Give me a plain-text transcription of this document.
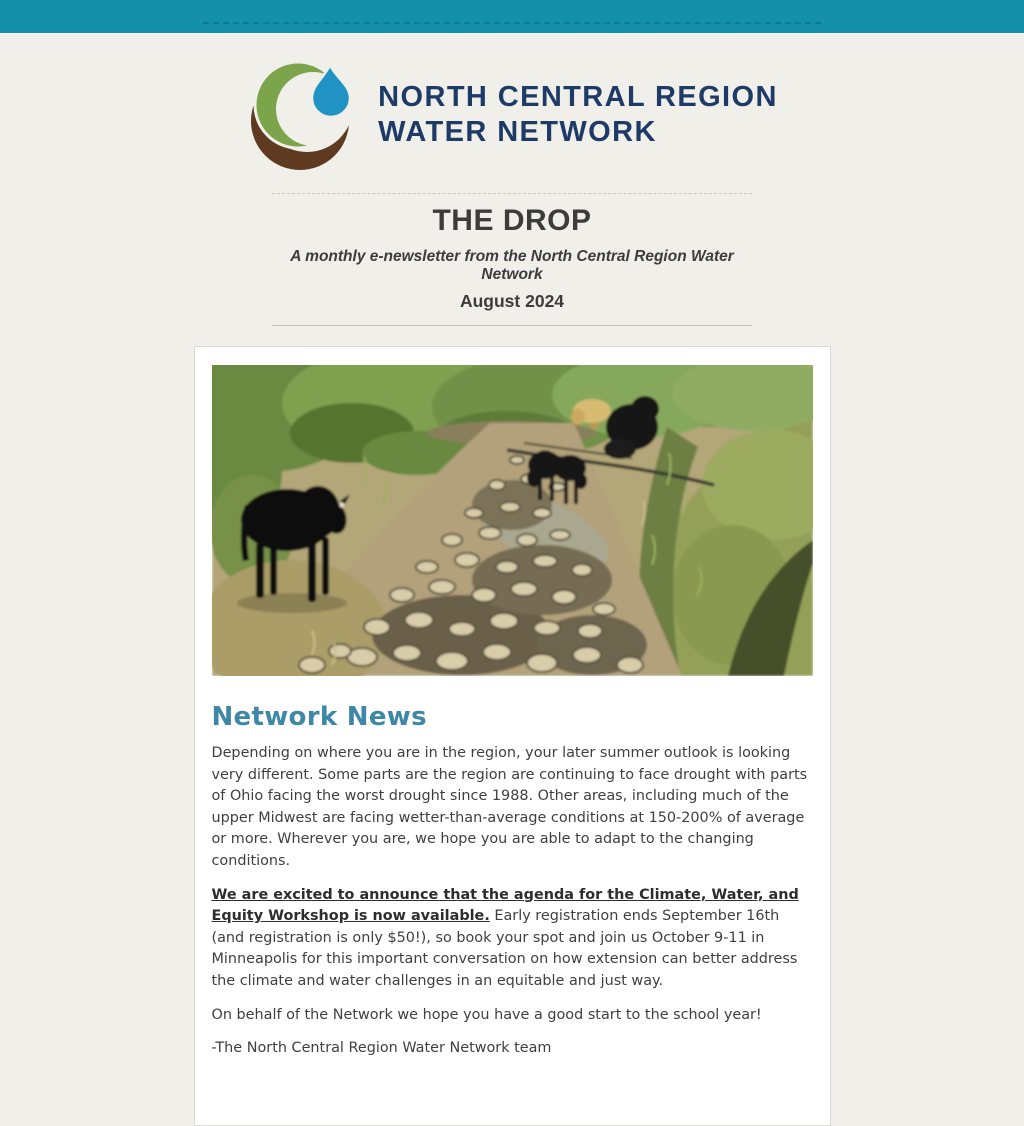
NORTH CENTRAL REGION
WATER NETWORK
THE DROP
A monthly e-newsletter from the North Central Region Water Network
August 2024
Network News

Depending on where you are in the region, your later summer outlook is looking very different. Some parts are the region are continuing to face drought with parts of Ohio facing the worst drought since 1988. Other areas, including much of the upper Midwest are facing wetter-than-average conditions at 150-200% of average or more. Wherever you are, we hope you are able to adapt to the changing conditions.

We are excited to announce that the agenda for the Climate, Water, and Equity Workshop is now available. Early registration ends September 16th (and registration is only $50!), so book your spot and join us October 9-11 in Minneapolis for this important conversation on how extension can better address the climate and water challenges in an equitable and just way.

On behalf of the Network we hope you have a good start to the school year!

-The North Central Region Water Network team
